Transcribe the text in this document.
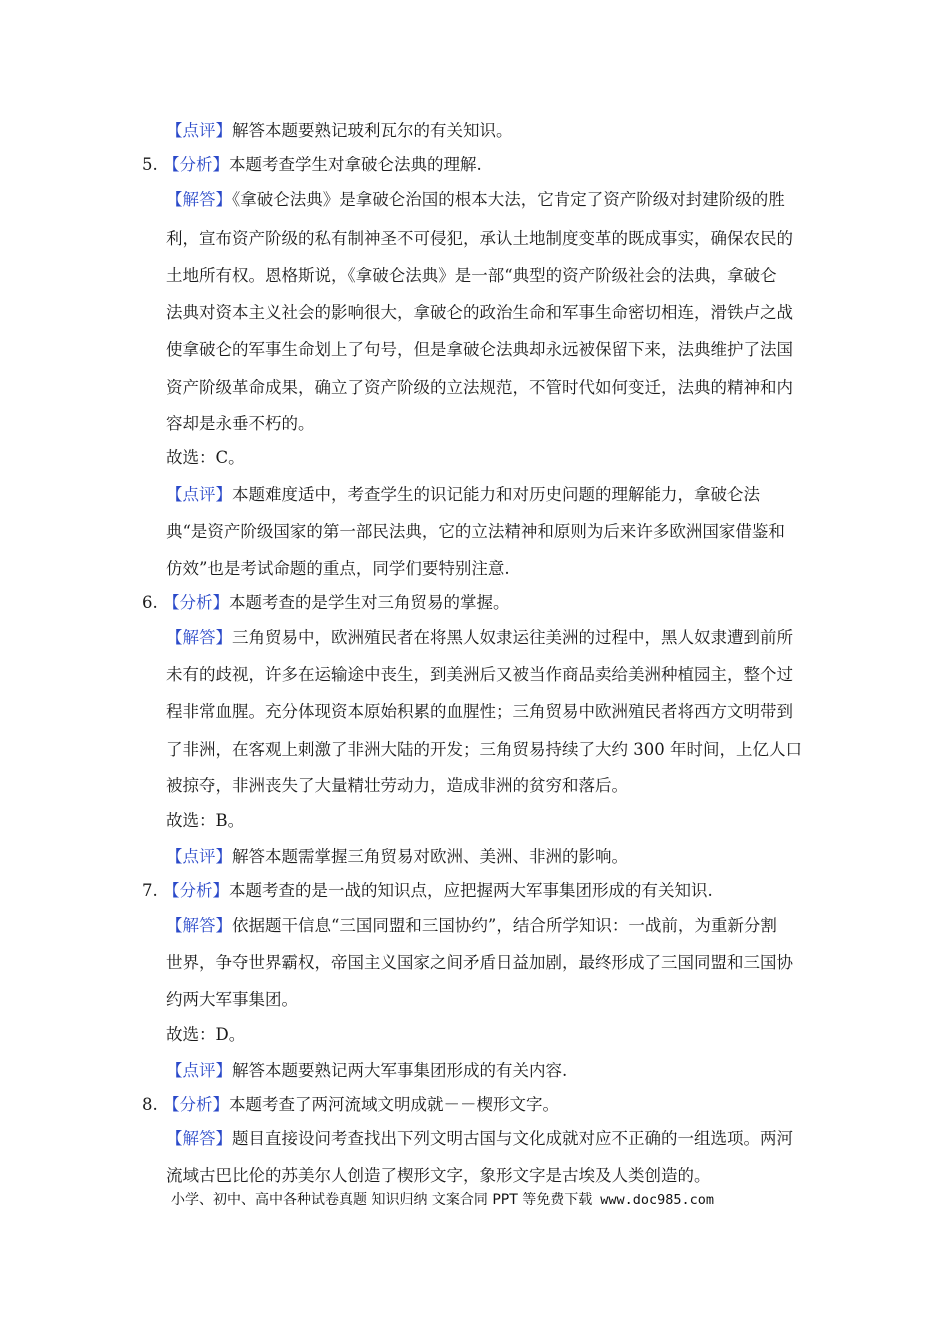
【点评】解答本题要熟记玻利瓦尔的有关知识。
5. 【分析】本题考查学生对拿破仑法典的理解.
【解答】《拿破仑法典》是拿破仑治国的根本大法，它肯定了资产阶级对封建阶级的胜
利，宣布资产阶级的私有制神圣不可侵犯，承认土地制度变革的既成事实，确保农民的
土地所有权。恩格斯说，《拿破仑法典》是一部“典型的资产阶级社会的法典，拿破仑
法典对资本主义社会的影响很大，拿破仑的政治生命和军事生命密切相连，滑铁卢之战
使拿破仑的军事生命划上了句号，但是拿破仑法典却永远被保留下来，法典维护了法国
资产阶级革命成果，确立了资产阶级的立法规范，不管时代如何变迁，法典的精神和内
容却是永垂不朽的。
故选：C。
【点评】本题难度适中，考查学生的识记能力和对历史问题的理解能力，拿破仑法
典“是资产阶级国家的第一部民法典，它的立法精神和原则为后来许多欧洲国家借鉴和
仿效”也是考试命题的重点，同学们要特别注意.
6. 【分析】本题考查的是学生对三角贸易的掌握。
【解答】三角贸易中，欧洲殖民者在将黑人奴隶运往美洲的过程中，黑人奴隶遭到前所
未有的歧视，许多在运输途中丧生，到美洲后又被当作商品卖给美洲种植园主，整个过
程非常血腥。充分体现资本原始积累的血腥性；三角贸易中欧洲殖民者将西方文明带到
了非洲，在客观上刺激了非洲大陆的开发；三角贸易持续了大约 300 年时间，上亿人口
被掠夺，非洲丧失了大量精壮劳动力，造成非洲的贫穷和落后。
故选：B。
【点评】解答本题需掌握三角贸易对欧洲、美洲、非洲的影响。
7. 【分析】本题考查的是一战的知识点，应把握两大军事集团形成的有关知识.
【解答】依据题干信息“三国同盟和三国协约”，结合所学知识：一战前，为重新分割
世界，争夺世界霸权，帝国主义国家之间矛盾日益加剧，最终形成了三国同盟和三国协
约两大军事集团。
故选：D。
【点评】解答本题要熟记两大军事集团形成的有关内容.
8. 【分析】本题考查了两河流域文明成就－－楔形文字。
【解答】题目直接设问考查找出下列文明古国与文化成就对应不正确的一组选项。两河
流域古巴比伦的苏美尔人创造了楔形文字，象形文字是古埃及人类创造的。
小学、初中、高中各种试卷真题 知识归纳 文案合同 PPT 等免费下载 www.doc985.com
